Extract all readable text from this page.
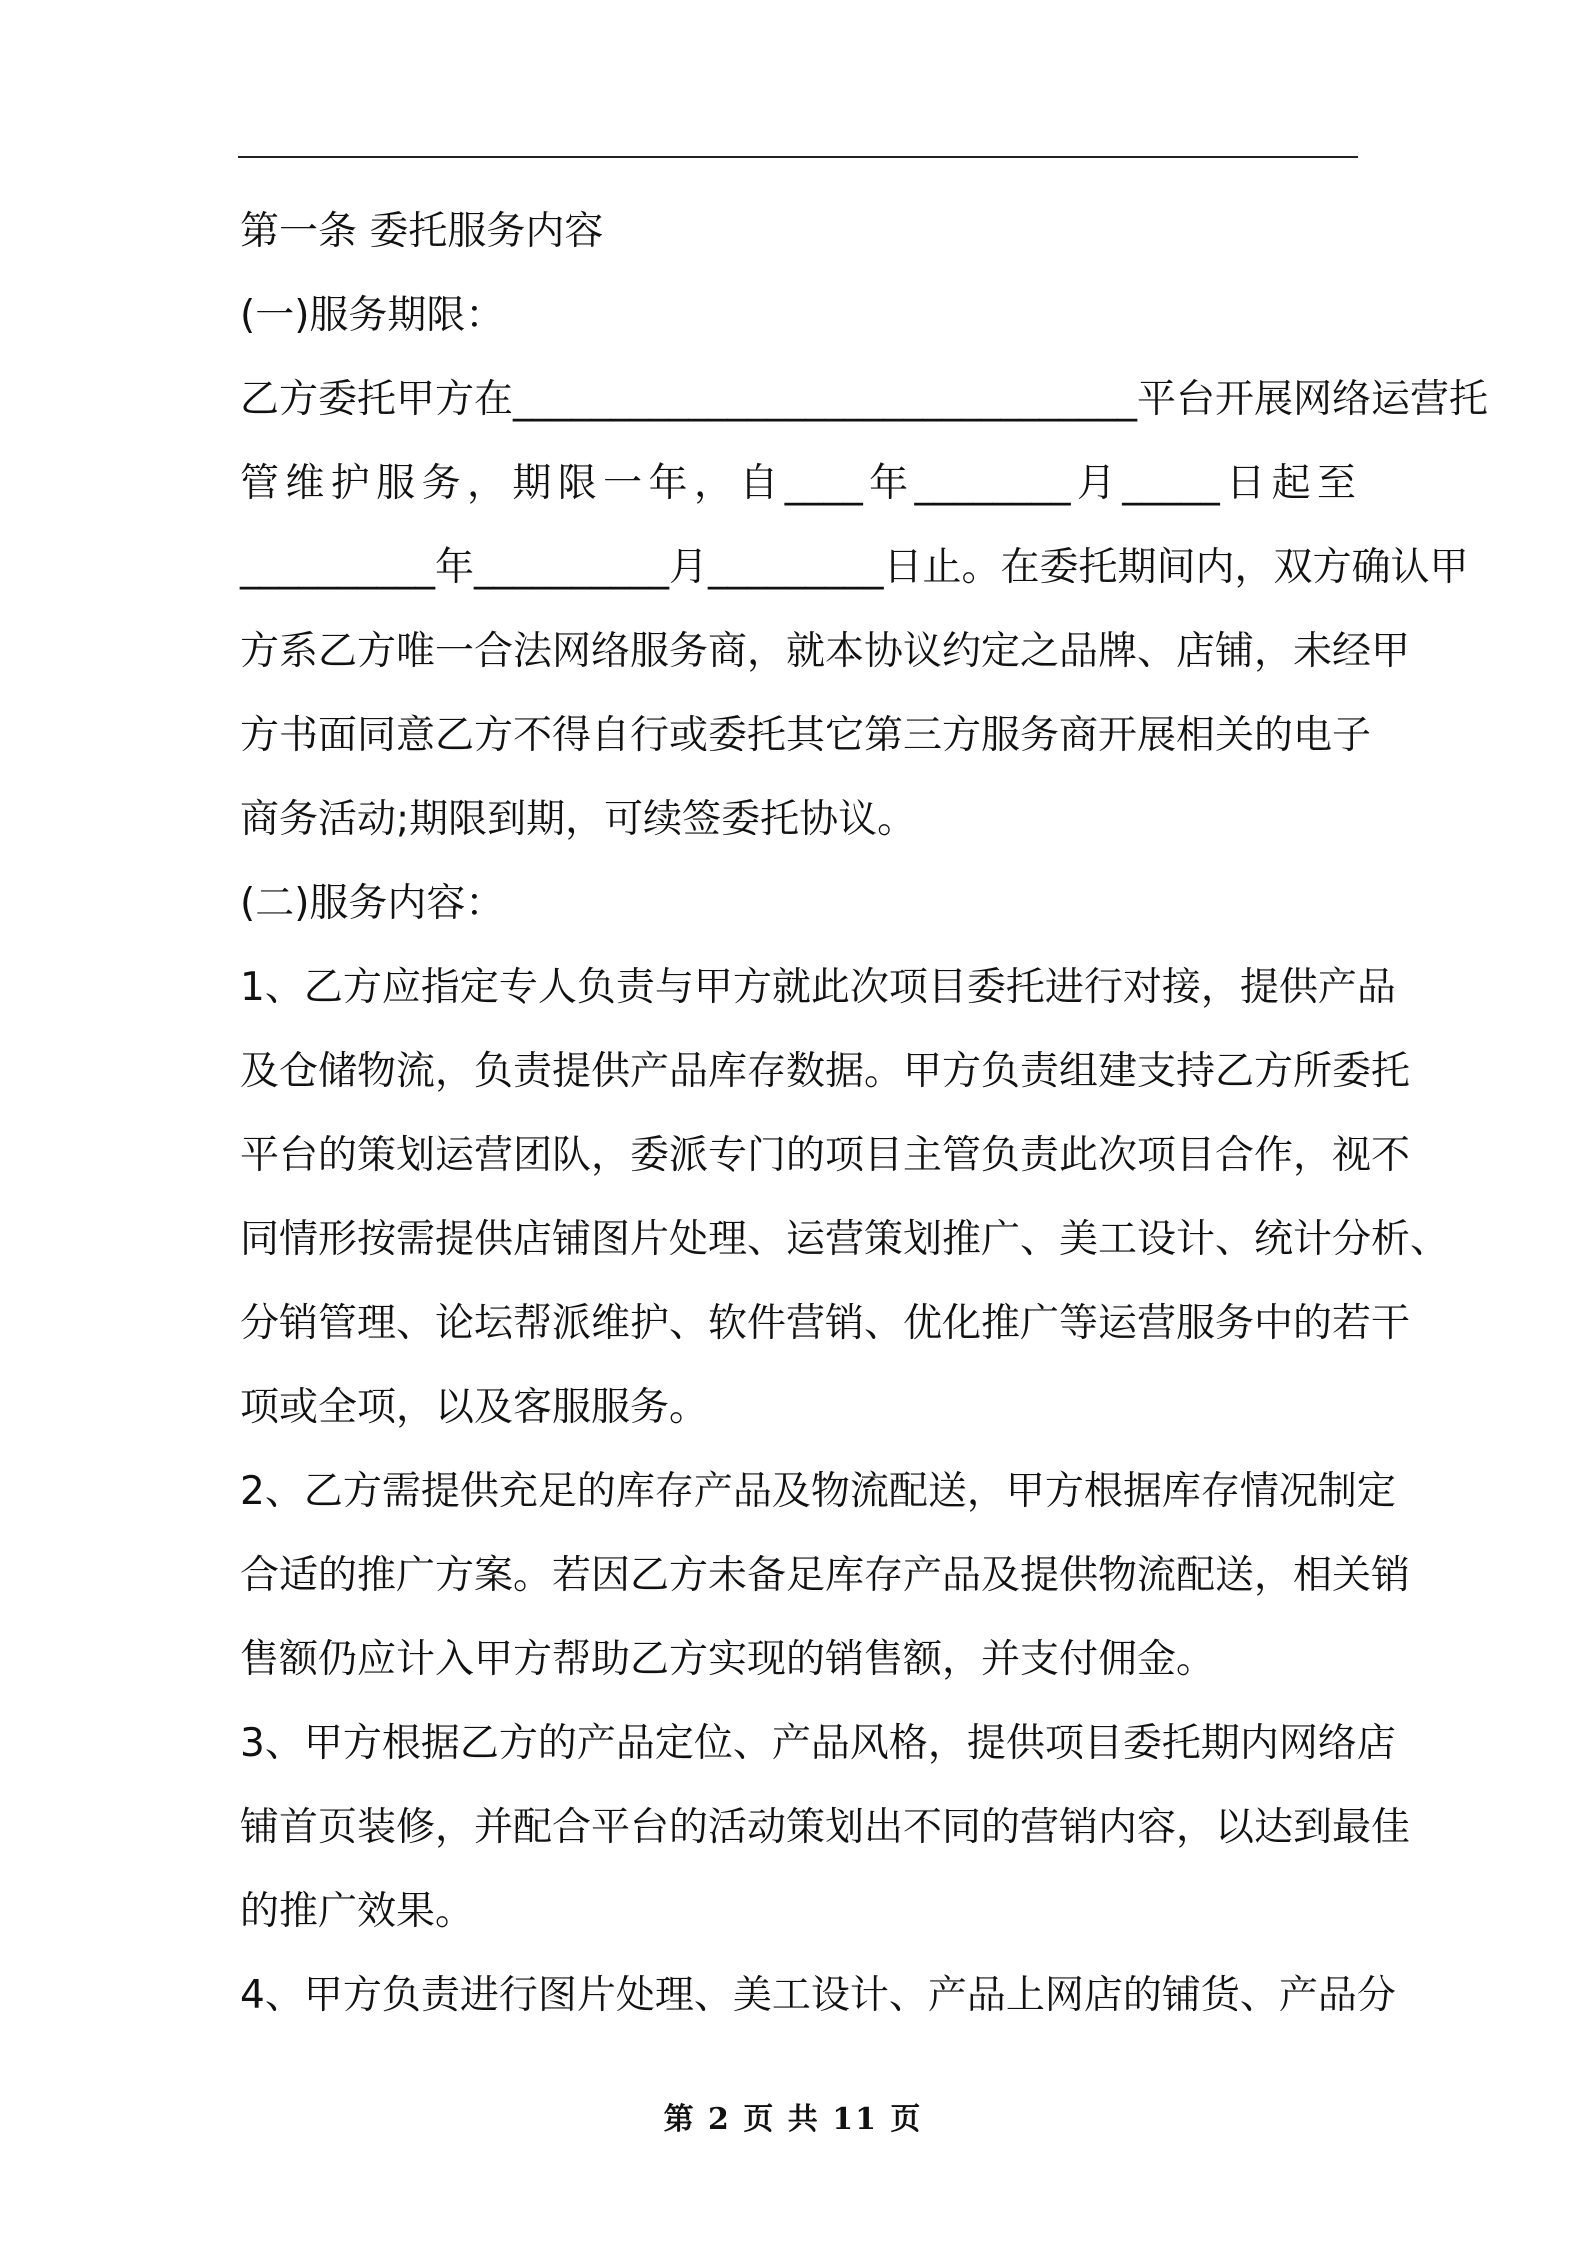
第一条 委托服务内容
(一)服务期限：
乙方委托甲方在________________________________平台开展网络运营托
管维护服务，期限一年，自____年________月_____日起至
__________年__________月_________日止。在委托期间内，双方确认甲
方系乙方唯一合法网络服务商，就本协议约定之品牌、店铺，未经甲
方书面同意乙方不得自行或委托其它第三方服务商开展相关的电子
商务活动;期限到期，可续签委托协议。
(二)服务内容：
1、乙方应指定专人负责与甲方就此次项目委托进行对接，提供产品
及仓储物流，负责提供产品库存数据。甲方负责组建支持乙方所委托
平台的策划运营团队，委派专门的项目主管负责此次项目合作，视不
同情形按需提供店铺图片处理、运营策划推广、美工设计、统计分析、
分销管理、论坛帮派维护、软件营销、优化推广等运营服务中的若干
项或全项，以及客服服务。
2、乙方需提供充足的库存产品及物流配送，甲方根据库存情况制定
合适的推广方案。若因乙方未备足库存产品及提供物流配送，相关销
售额仍应计入甲方帮助乙方实现的销售额，并支付佣金。
3、甲方根据乙方的产品定位、产品风格，提供项目委托期内网络店
铺首页装修，并配合平台的活动策划出不同的营销内容，以达到最佳
的推广效果。
4、甲方负责进行图片处理、美工设计、产品上网店的铺货、产品分
第 2 页 共 11 页
